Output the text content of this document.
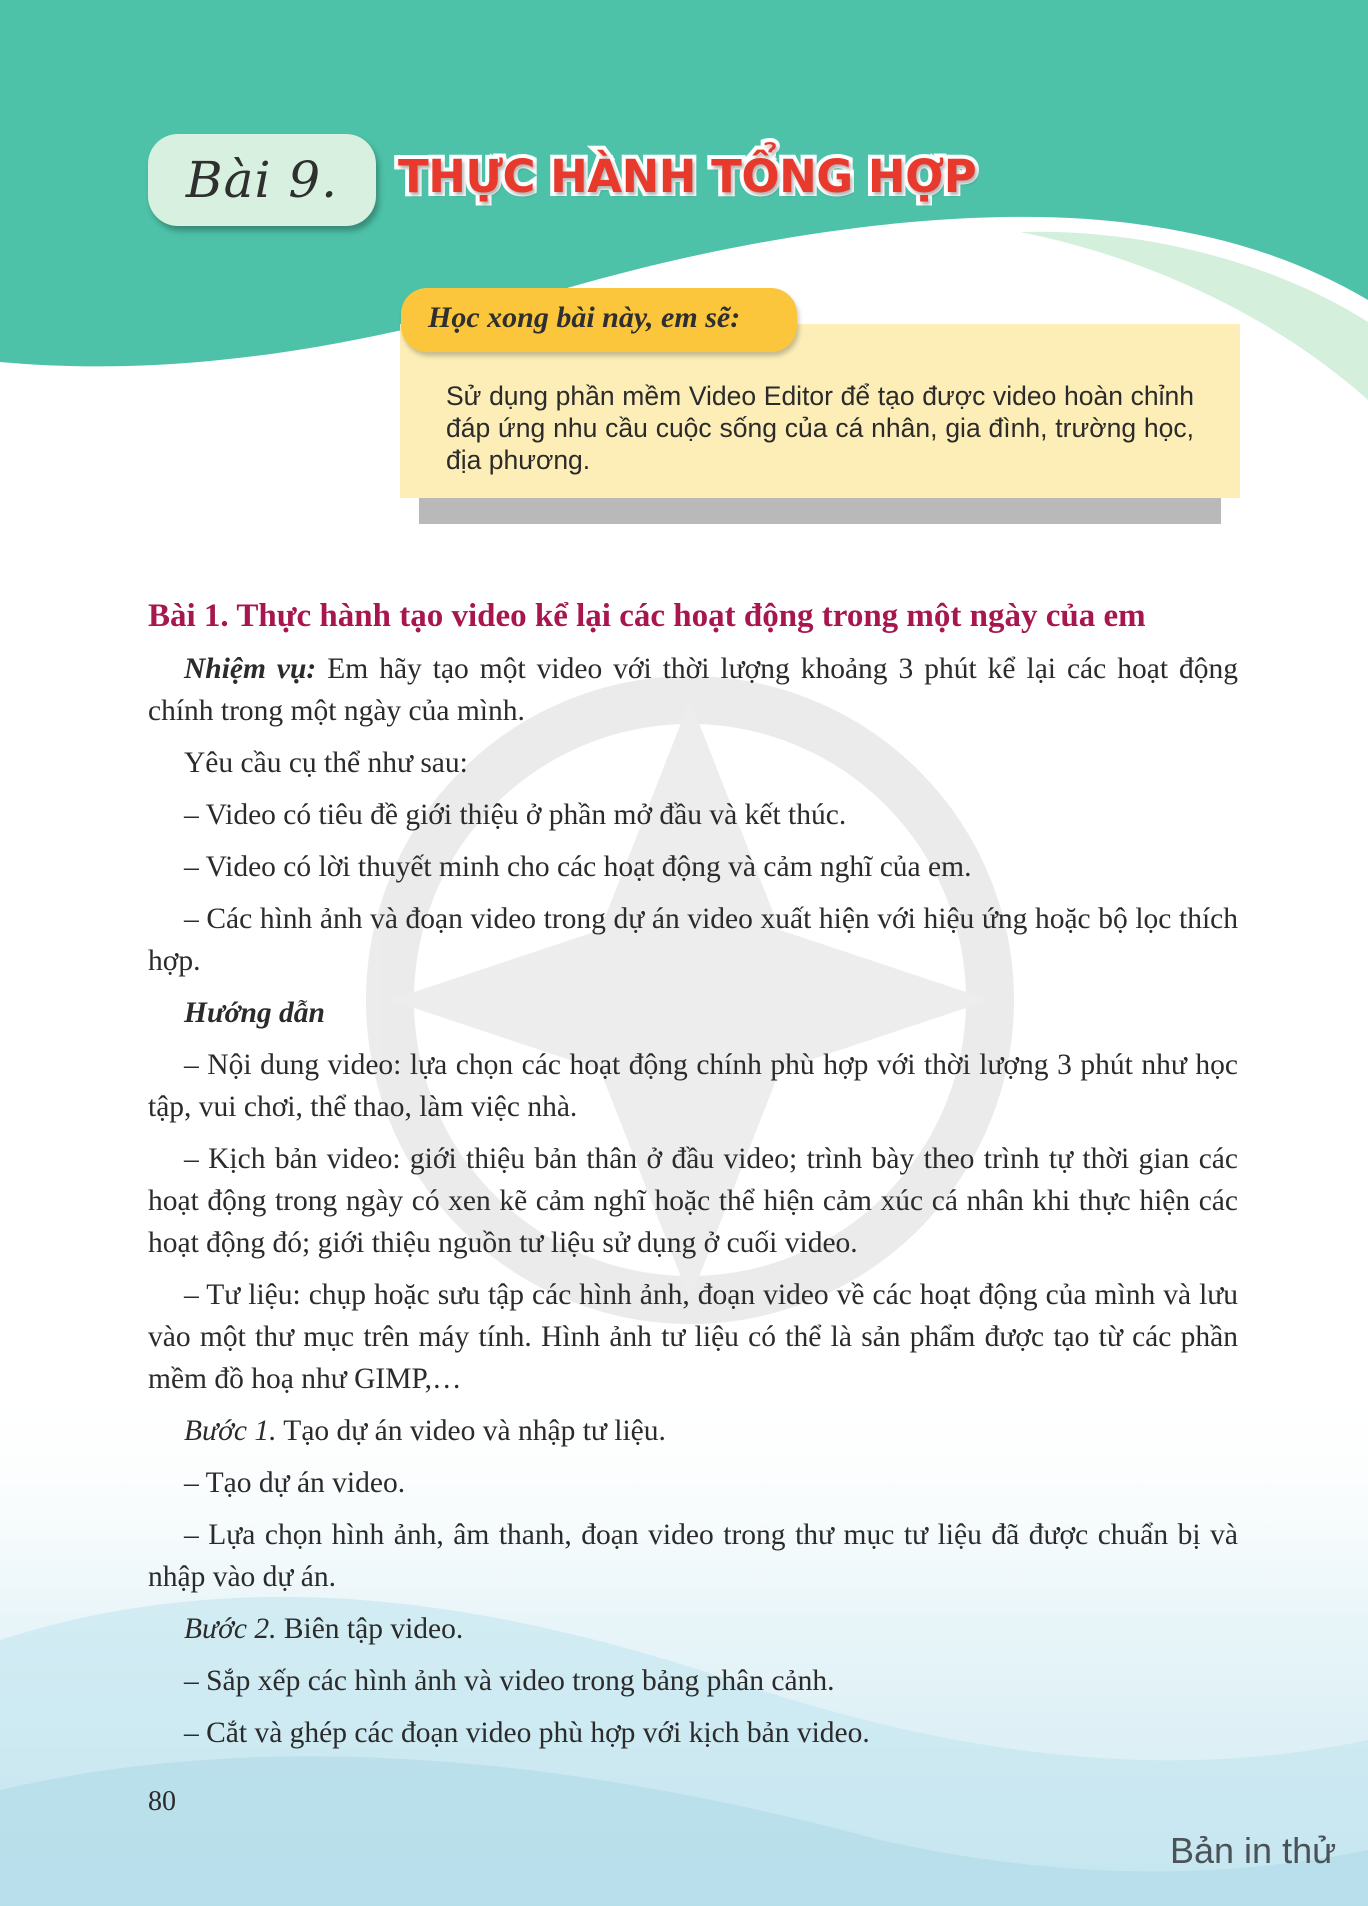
Bài 9. THỰC HÀNH TỔNG HỢP
Sử dụng phần mềm Video Editor để tạo được video hoàn chỉnh đáp ứng nhu cầu cuộc sống của cá nhân, gia đình, trường học, địa phương.
Học xong bài này, em sẽ:
Bài 1. Thực hành tạo video kể lại các hoạt động trong một ngày của em

Nhiệm vụ: Em hãy tạo một video với thời lượng khoảng 3 phút kể lại các hoạt động chính trong một ngày của mình.

Yêu cầu cụ thể như sau:

– Video có tiêu đề giới thiệu ở phần mở đầu và kết thúc.

– Video có lời thuyết minh cho các hoạt động và cảm nghĩ của em.

– Các hình ảnh và đoạn video trong dự án video xuất hiện với hiệu ứng hoặc bộ lọc thích hợp.

Hướng dẫn

– Nội dung video: lựa chọn các hoạt động chính phù hợp với thời lượng 3 phút như học tập, vui chơi, thể thao, làm việc nhà.

– Kịch bản video: giới thiệu bản thân ở đầu video; trình bày theo trình tự thời gian các hoạt động trong ngày có xen kẽ cảm nghĩ hoặc thể hiện cảm xúc cá nhân khi thực hiện các hoạt động đó; giới thiệu nguồn tư liệu sử dụng ở cuối video.

– Tư liệu: chụp hoặc sưu tập các hình ảnh, đoạn video về các hoạt động của mình và lưu vào một thư mục trên máy tính. Hình ảnh tư liệu có thể là sản phẩm được tạo từ các phần mềm đồ hoạ như GIMP,…

Bước 1. Tạo dự án video và nhập tư liệu.

– Tạo dự án video.

– Lựa chọn hình ảnh, âm thanh, đoạn video trong thư mục tư liệu đã được chuẩn bị và nhập vào dự án.

Bước 2. Biên tập video.

– Sắp xếp các hình ảnh và video trong bảng phân cảnh.

– Cắt và ghép các đoạn video phù hợp với kịch bản video.

80
Bản in thử
